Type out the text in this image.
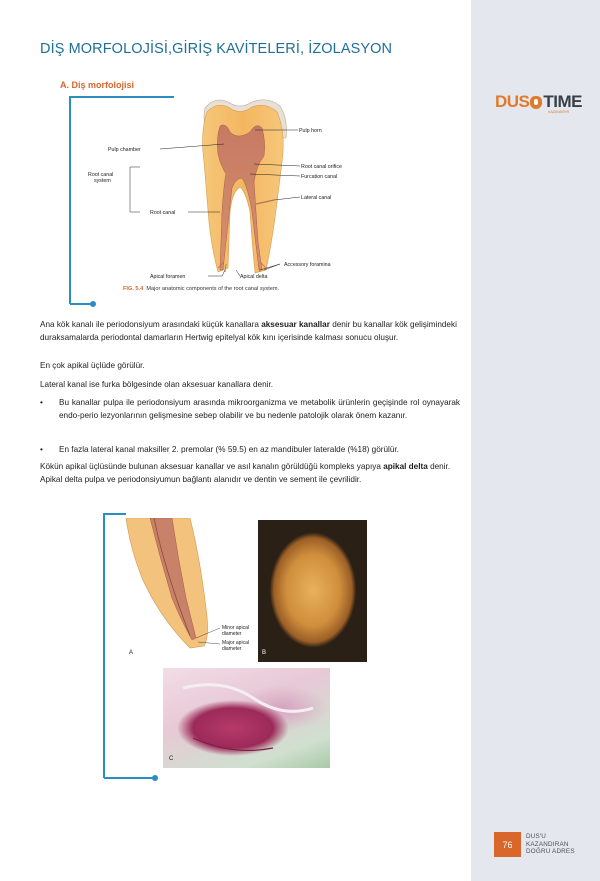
DUS TIME
KAZANDIRIR
76
DUS'U
KAZANDIRAN
DOĞRU ADRES
DİŞ MORFOLOJİSİ,GİRİŞ KAVİTELERİ, İZOLASYON
A. Diş morfolojisi
Pulp horn
Pulp chamber
Root canal orifice
Furcation canal
Root canal
system
Lateral canal
Root canal
Accessory foramina
Apical foramen	Apical delta
FIG. 5.4 Major anatomic components of the root canal system.

Ana kök kanalı ile periodonsiyum arasındaki küçük kanallara aksesuar kanallar denir bu kanallar kök gelişimindeki duraksamalarda periodontal damarların Hertwig epitelyal kök kını içerisinde kalması sonucu oluşur.

En çok apikal üçlüde görülür.
Lateral kanal ise furka bölgesinde olan aksesuar kanallara denir.
• Bu kanallar pulpa ile periodonsiyum arasında mikroorganizma ve metabolik ürünlerin geçişinde rol oynayarak endo-perio lezyonlarının gelişmesine sebep olabilir ve bu nedenle patolojik olarak önem kazanır.
• En fazla lateral kanal maksiller 2. premolar (% 59.5) en az mandibuler lateralde (%18) görülür.

Kökün apikal üçlüsünde bulunan aksesuar kanallar ve asıl kanalın görüldüğü kompleks yapıya apikal delta denir. Apikal delta pulpa ve periodonsiyumun bağlantı alanıdır ve dentin ve sement ile çevrilidir.

Minor apical
diameter
Major apical
diameter
A	B
C
